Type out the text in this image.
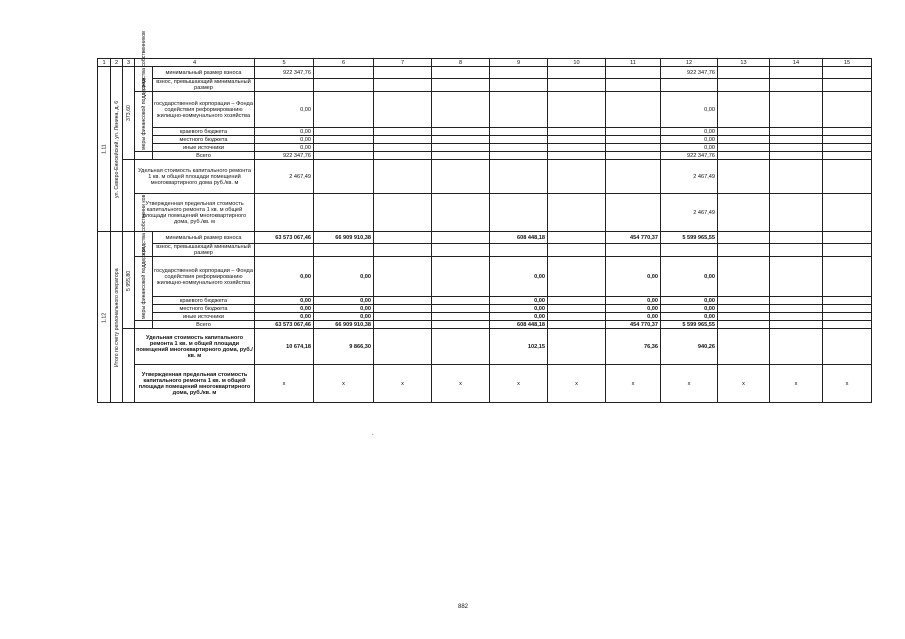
1	2	3	4		5	6	7	8	9	10	11	12	13	14	15
1.11	ул. Северо-Енисейский, ул. Ленина, д. 6	373,60	средства собственников	минимальный размер взноса	922 347,76							922 347,76			
				взнос, превышающий минимальный размер											
			меры финансовой поддержки	государственной корпорации – Фонда содействия реформированию жилищно-коммунального хозяйства	0,00							0,00			
				краевого бюджета	0,00							0,00			
				местного бюджета	0,00							0,00			
				иные источники	0,00							0,00			
				Всего	922 347,76							922 347,76			
			Удельная стоимость капитального ремонта 1 кв. м общей площади помещений многоквартирного дома руб./кв. м		2 467,49							2 467,49			
			Утвержденная предельная стоимость капитального ремонта 1 кв. м общей площади помещений многоквартирного дома, руб./кв. м									2 467,49			
1.12	Итого по счету регионального оператора	5 955,80	средства собственни ков	минимальный размер взноса	63 573 067,46	66 909 910,38			608 448,18		454 770,37	5 599 965,55			
				взнос, превышающий минимальный размер											
			меры финансовой поддержки	государственной корпорации – Фонда содействия реформированию жилищно-коммунального хозяйства	0,00	0,00			0,00		0,00	0,00			
				краевого бюджета	0,00	0,00			0,00		0,00	0,00			
				местного бюджета	0,00	0,00			0,00		0,00	0,00			
				иные источники	0,00	0,00			0,00		0,00	0,00			
				Всего	63 573 067,46	66 909 910,38			608 448,18		454 770,37	5 599 965,55			
			Удельная стоимость капитального ремонта 1 кв. м общей площади помещений многоквартирного дома, руб./кв. м		10 674,18	9 866,30			102,15		76,36	940,26			
			Утвержденная предельная стоимость капитального ремонта 1 кв. м общей площади помещений многоквартирного дома, руб./кв. м		x	x	x	x	x	x	x	x	x	x	x
.
882
